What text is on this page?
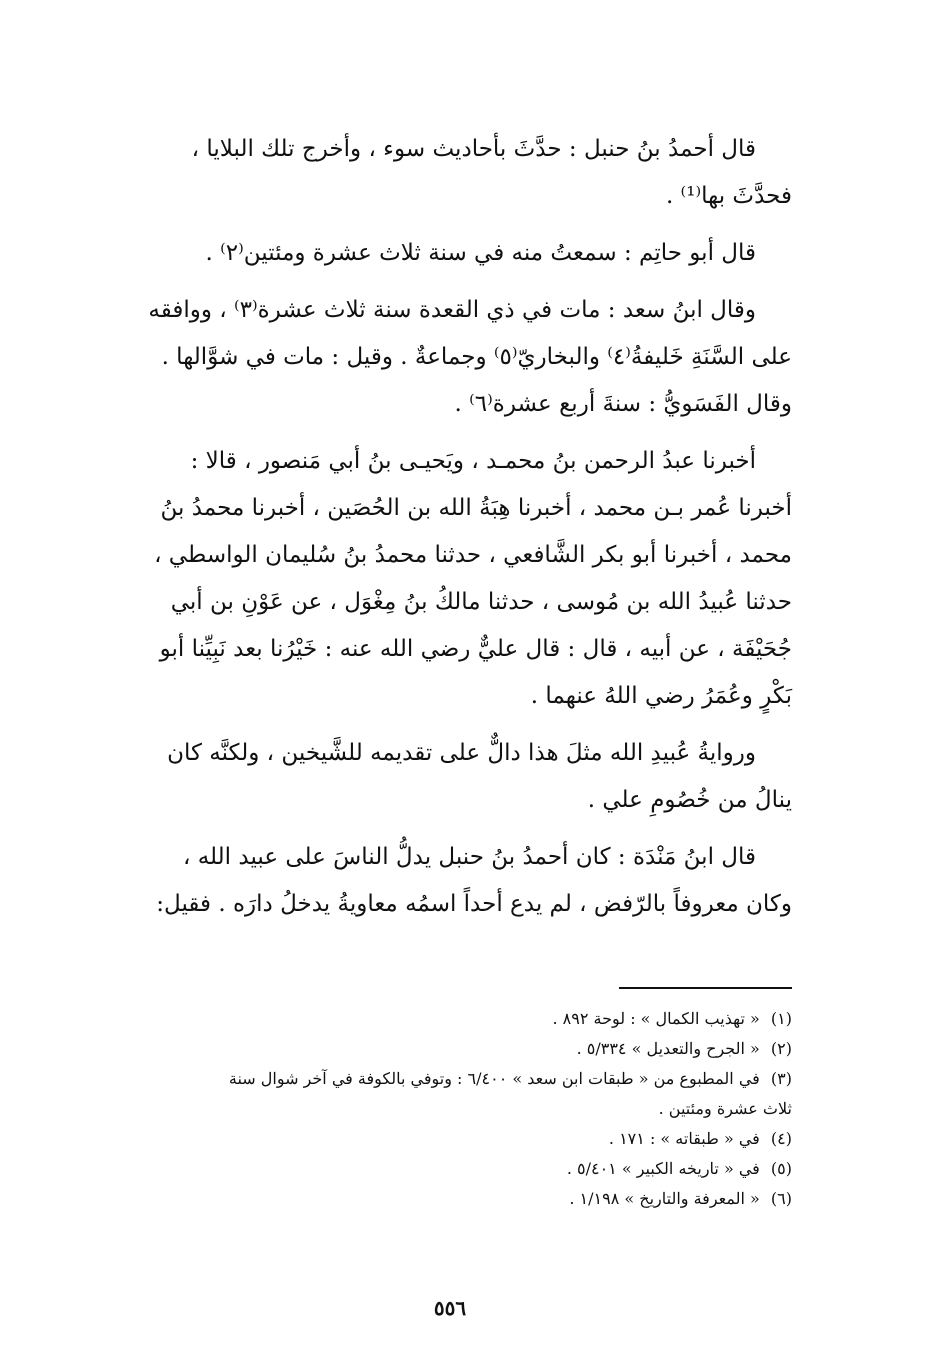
قال أحمدُ بنُ حنبل : حدَّثَ بأحاديث سوء ، وأخرج تلك البلايا ،
فحدَّثَ بها⁽¹⁾ .

قال أبو حاتِم : سمعتُ منه في سنة ثلاث عشرة ومئتين⁽٢⁾ .

وقال ابنُ سعد : مات في ذي القعدة سنة ثلاث عشرة⁽٣⁾ ، ووافقه
على السَّنَةِ خَليفةُ⁽٤⁾ والبخاريّ⁽٥⁾ وجماعةٌ . وقيل : مات في شوَّالها .
وقال الفَسَويُّ : سنةَ أربع عشرة⁽٦⁾ .

أخبرنا عبدُ الرحمن بنُ محمـد ، ويَحيـى بنُ أبي مَنصور ، قالا :
أخبرنا عُمر بـن محمد ، أخبرنا هِبَةُ الله بن الحُصَين ، أخبرنا محمدُ بنُ
محمد ، أخبرنا أبو بكر الشَّافعي ، حدثنا محمدُ بنُ سُليمان الواسطي ،
حدثنا عُبيدُ الله بن مُوسى ، حدثنا مالكُ بنُ مِغْوَل ، عن عَوْنِ بن أبي
جُحَيْفَة ، عن أبيه ، قال : قال عليٌّ رضي الله عنه : خَيْرُنا بعد نَبِيِّنا أبو
بَكْرٍ وعُمَرُ رضي اللهُ عنهما .

وروايةُ عُبيدِ الله مثلَ هذا دالٌّ على تقديمه للشَّيخين ، ولكنَّه كان
ينالُ من خُصُومِ علي .

قال ابنُ مَنْدَة : كان أحمدُ بنُ حنبل يدلُّ الناسَ على عبيد الله ،
وكان معروفاً بالرّفض ، لم يدع أحداً اسمُه معاويةُ يدخلُ دارَه . فقيل:

(١) « تهذيب الكمال » : لوحة ٨٩٢ .
(٢) « الجرح والتعديل » ٥/٣٣٤ .
(٣) في المطبوع من « طبقات ابن سعد » ٦/٤٠٠ : وتوفي بالكوفة في آخر شوال سنة
ثلاث عشرة ومئتين .
(٤) في « طبقاته » : ١٧١ .
(٥) في « تاريخه الكبير » ٥/٤٠١ .
(٦) « المعرفة والتاريخ » ١/١٩٨ .
٥٥٦
